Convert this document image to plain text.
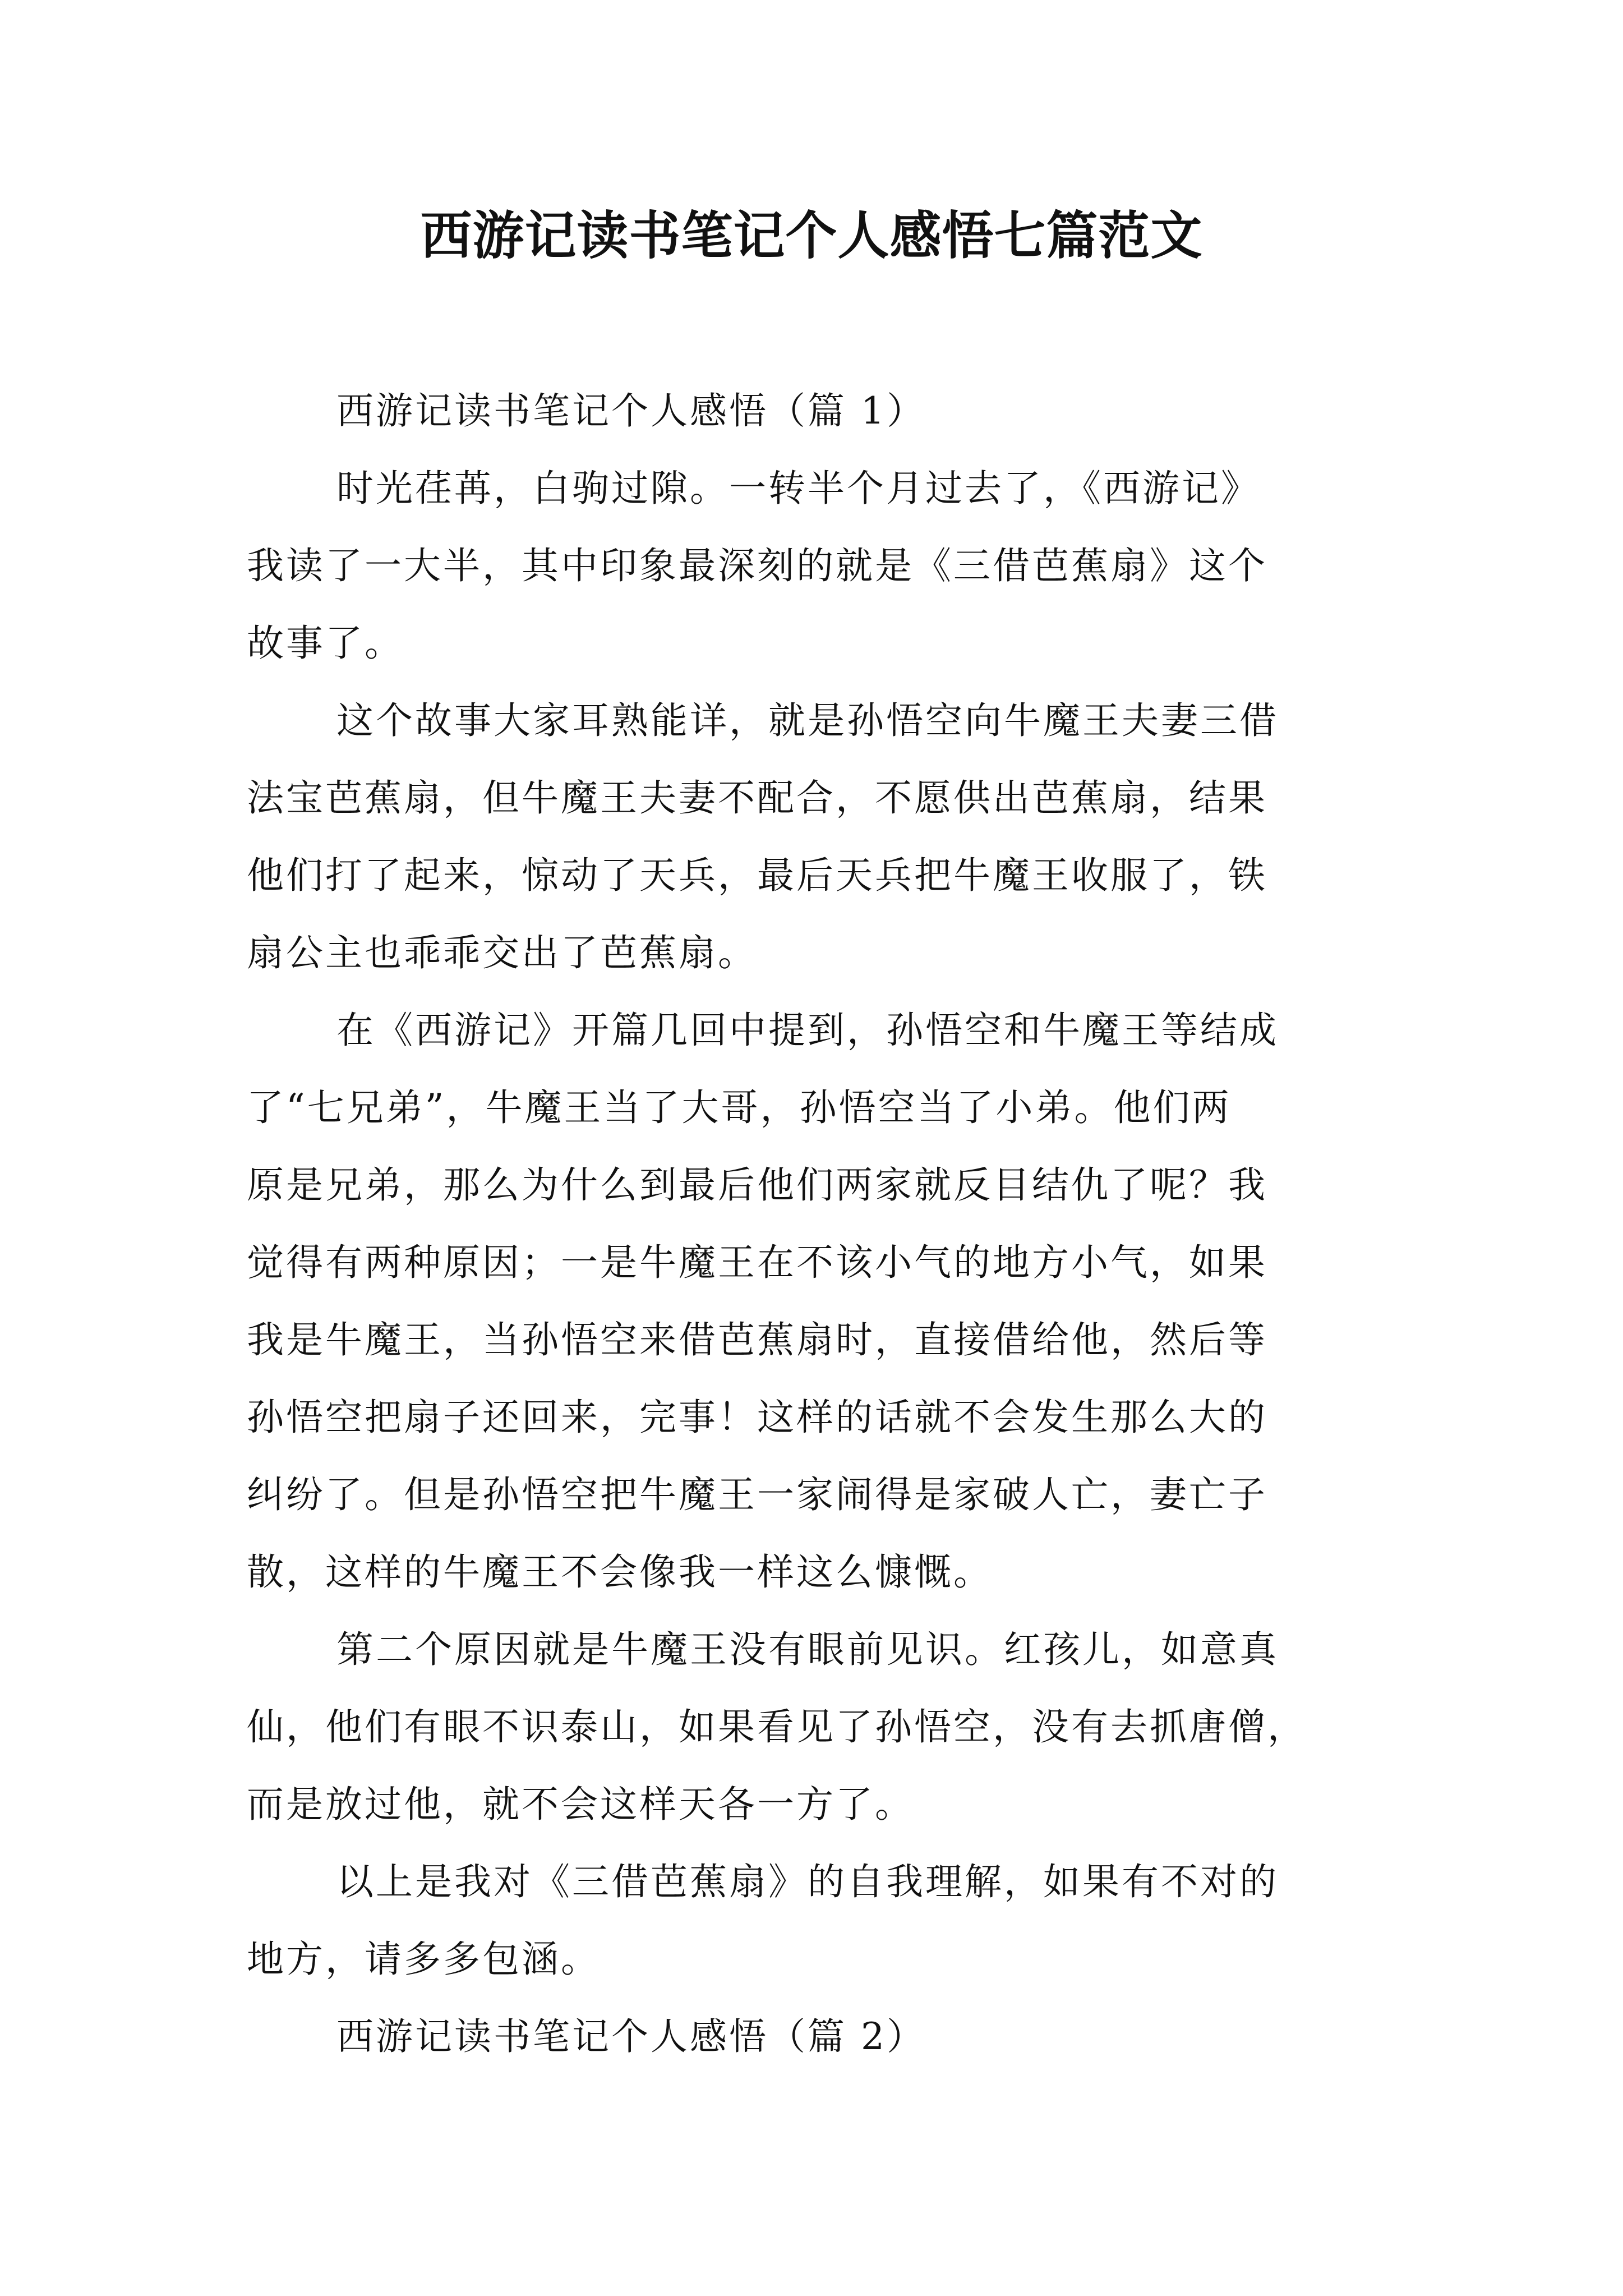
西游记读书笔记个人感悟七篇范文

西游记读书笔记个人感悟（篇 1）

时光荏苒，白驹过隙。一转半个月过去了，《西游记》
我读了一大半，其中印象最深刻的就是《三借芭蕉扇》这个
故事了。

这个故事大家耳熟能详，就是孙悟空向牛魔王夫妻三借
法宝芭蕉扇，但牛魔王夫妻不配合，不愿供出芭蕉扇，结果
他们打了起来，惊动了天兵，最后天兵把牛魔王收服了，铁
扇公主也乖乖交出了芭蕉扇。

在《西游记》开篇几回中提到，孙悟空和牛魔王等结成
了“七兄弟”，牛魔王当了大哥，孙悟空当了小弟。他们两
原是兄弟，那么为什么到最后他们两家就反目结仇了呢？我
觉得有两种原因；一是牛魔王在不该小气的地方小气，如果
我是牛魔王，当孙悟空来借芭蕉扇时，直接借给他，然后等
孙悟空把扇子还回来，完事！这样的话就不会发生那么大的
纠纷了。但是孙悟空把牛魔王一家闹得是家破人亡，妻亡子
散，这样的牛魔王不会像我一样这么慷慨。

第二个原因就是牛魔王没有眼前见识。红孩儿，如意真
仙，他们有眼不识泰山，如果看见了孙悟空，没有去抓唐僧，
而是放过他，就不会这样天各一方了。

以上是我对《三借芭蕉扇》的自我理解，如果有不对的
地方，请多多包涵。

西游记读书笔记个人感悟（篇 2）
